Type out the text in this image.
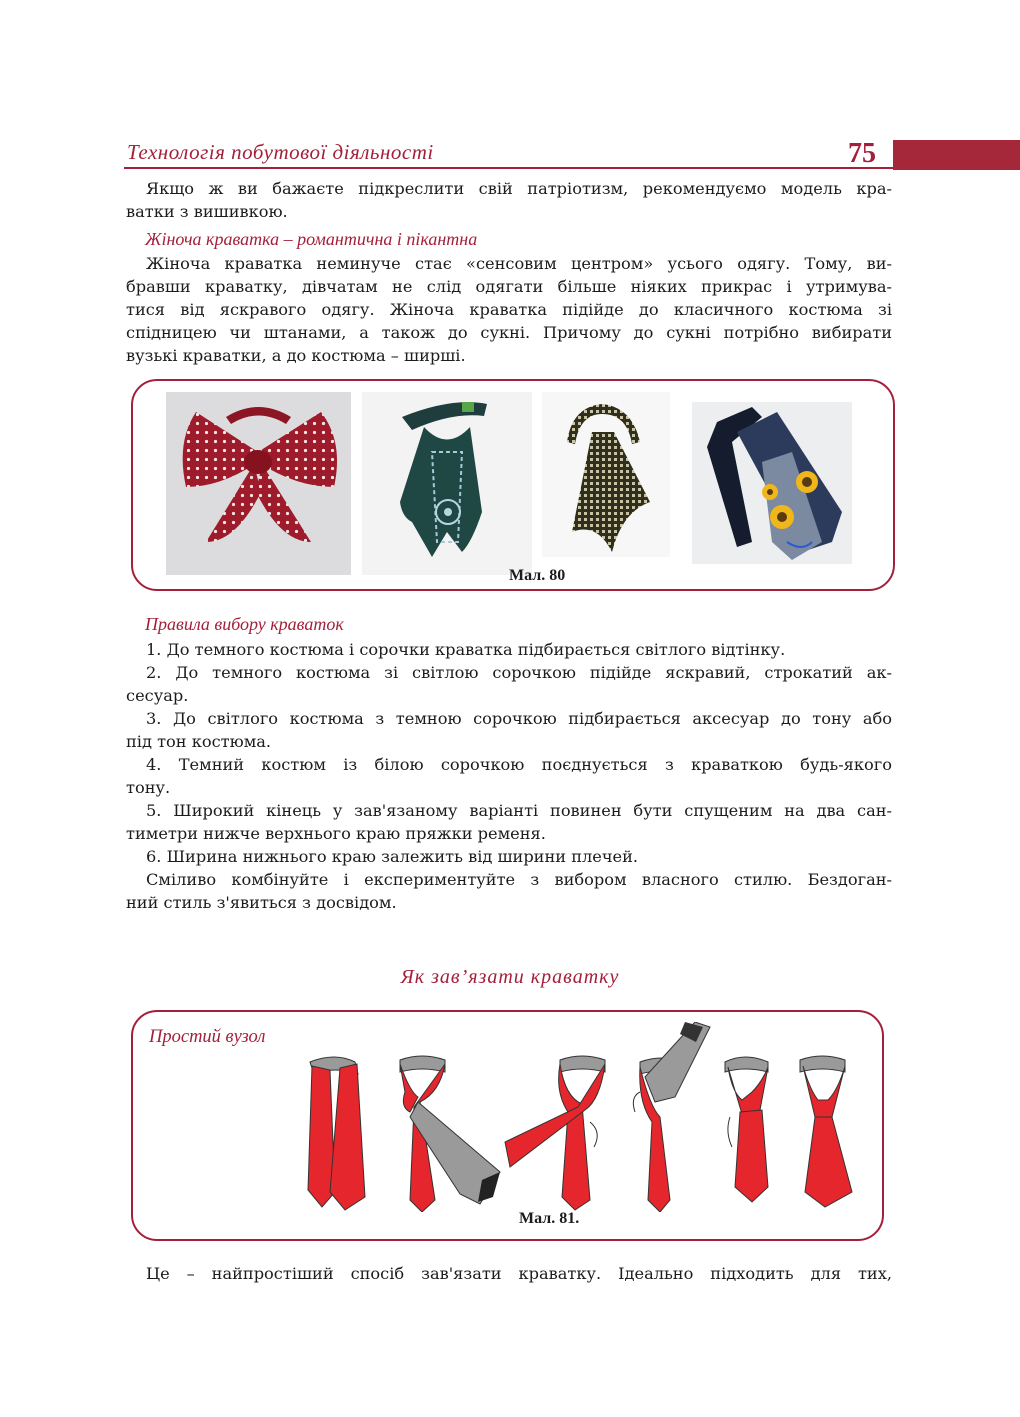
Технологія побутової діяльності	75
Якщо ж ви бажаєте підкреслити свій патріотизм, рекомендуємо модель кра-
ватки з вишивкою.
Жіноча краватка – романтична і пікантна
Жіноча краватка неминуче стає «сенсовим центром» усього одягу. Тому, ви-
бравши краватку, дівчатам не слід одягати більше ніяких прикрас і утримува-
тися від яскравого одягу. Жіноча краватка підійде до класичного костюма зі
спідницею чи штанами, а також до сукні. Причому до сукні потрібно вибирати
вузькі краватки, а до костюма – ширші.
Мал. 80
Правила вибору краваток
1. До темного костюма і сорочки краватка підбирається світлого відтінку.
2. До темного костюма зі світлою сорочкою підійде яскравий, строкатий ак-
сесуар.
3. До світлого костюма з темною сорочкою підбирається аксесуар до тону або
під тон костюма.
4. Темний костюм із білою сорочкою поєднується з краваткою будь-якого
тону.
5. Широкий кінець у зав'язаному варіанті повинен бути спущеним на два сан-
тиметри нижче верхнього краю пряжки ременя.
6. Ширина нижнього краю залежить від ширини плечей.
Сміливо комбінуйте і експериментуйте з вибором власного стилю. Бездоган-
ний стиль з'явиться з досвідом.
Як зав’язати краватку
Простий вузол
Мал. 81.
Це – найпростіший спосіб зав'язати краватку. Ідеально підходить для тих,
